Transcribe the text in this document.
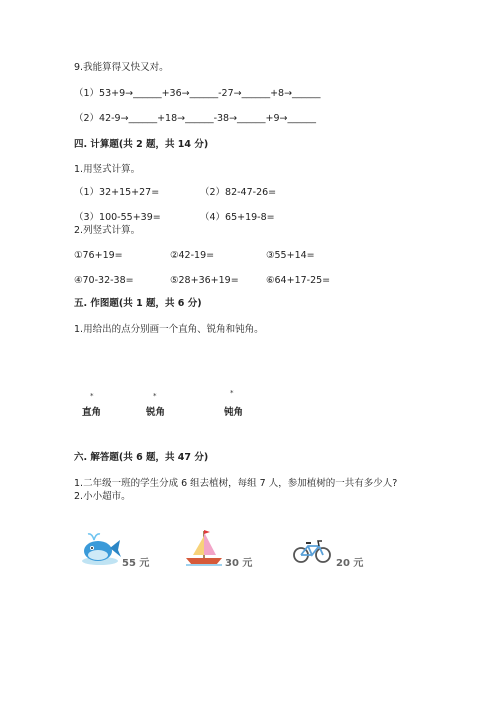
9.我能算得又快又对。
（1）53+9→______+36→______-27→______+8→______
（2）42-9→______+18→______-38→______+9→______
四. 计算题(共 2 题，共 14 分)
1.用竖式计算。
（1）32+15+27=	（2）82-47-26=
（3）100-55+39=	（4）65+19-8=
2.列竖式计算。
①76+19=	②42-19=	③55+14=
④70-32-38=	⑤28+36+19=	⑥64+17-25=
五. 作图题(共 1 题，共 6 分)
1.用给出的点分别画一个直角、锐角和钝角。
*	*	*
直角	锐角	钝角
六. 解答题(共 6 题，共 47 分)
1.二年级一班的学生分成 6 组去植树，每组 7 人，参加植树的一共有多少人?
2.小小超市。
55 元	30 元	20 元
